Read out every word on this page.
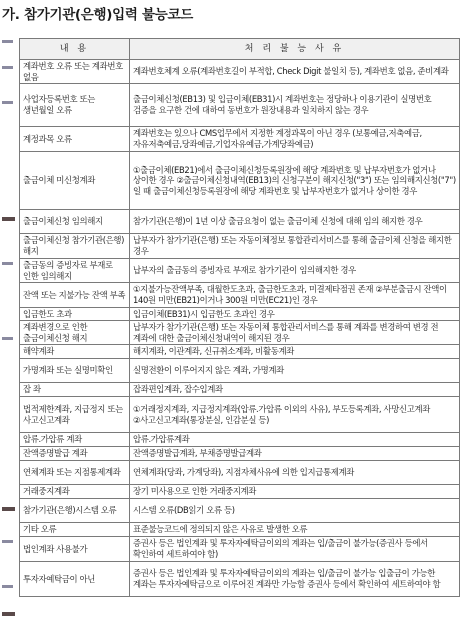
가. 참가기관(은행)입력 불능코드
내 용	처 리 불 능 사 유
계좌번호 오류 또는 계좌번호 없음	계좌번호체계 오류(계좌번호길이 부적합, Check Digit 불일치 등), 계좌번호 없음, 준비계좌
사업자등록번호 또는 생년월일 오류	출금이체신청(EB13) 및 입금이체(EB31)시 계좌번호는 정당하나 이용기관이 실명번호 검증을 요구한 건에 대하여 동번호가 원장내용과 일치하지 않는 경우
계정과목 오류	계좌번호는 있으나 CMS업무에서 지정한 계정과목이 아닌 경우 (보통예금,저축예금,자유저축예금,당좌예금,기업자유예금,가계당좌예금)
출금이체 미신청계좌	①출금이체(EB21)에서 출금이체신청등록원장에 해당 계좌번호 및 납부자번호가 없거나 상이한 경우 ②출금이체신청내역(EB13)의 신청구분이 해지신청("3") 또는 임의해지신청("7")일 때 출금이체신청등록원장에 해당 계좌번호 및 납부자번호가 없거나 상이한 경우
출금이체신청 임의해지	참가기관(은행)이 1년 이상 출금요청이 없는 출금이체 신청에 대해 임의 해지한 경우
출금이체신청 참가기관(은행)해지	납부자가 참가기관(은행) 또는 자동이체정보 통합관리서비스를 통해 출금이체 신청을 해지한 경우
출금동의 증빙자료 부재로 인한 임의해지	납부자의 출금동의 증빙자료 부재로 참가기관이 임의해지한 경우
잔액 또는 지불가능 잔액 부족	①지불가능잔액부족, 대월한도초과, 출금한도초과, 미결제타점권 존재 ②부분출금시 잔액이 140원 미만(EB21)이거나 300원 미만(EC21)인 경우
입금한도 초과	입금이체(EB31)시 입금한도 초과인 경우
계좌변경으로 인한 출금이체신청 해지	납부자가 참가기관(은행) 또는 자동이체 통합관리서비스를 통해 계좌를 변경하여 변경 전 계좌에 대한 출금이체신청내역이 해지된 경우
해약계좌	해지계좌, 이관계좌, 신규취소계좌, 비활동계좌
가명계좌 또는 실명미확인	실명전환이 이루어지지 않은 계좌, 가명계좌
잡 좌	잡좌편입계좌, 잡수입계좌
법적제한계좌, 지급정지 또는 사고신고계좌	①거래정지계좌, 지급정지계좌(압류.가압류 이외의 사유), 부도등록계좌, 사망신고계좌 ②사고신고계좌(통장분실, 인감분실 등)
압류.가압류 계좌	압류.가압류계좌
잔액증명발급 계좌	잔액증명발급계좌, 부채증명발급계좌
연체계좌 또는 지점통제계좌	연체계좌(당좌, 가계당좌), 지점자체사유에 의한 입지급통제계좌
거래중지계좌	장기 미사용으로 인한 거래중지계좌
참가기관(은행)시스템 오류	시스템 오류(DB읽기 오류 등)
기타 오류	표준불능코드에 정의되지 않은 사유로 발생한 오류
법인계좌 사용불가	증권사 등은 법인계좌 및 투자자예탁금이외의 계좌는 입/출금이 불가능(증권사 등에서 확인하여 세트하여야 함)
투자자예탁금이 아닌	증권사 등은 법인계좌 및 투자자예탁금이외의 계좌는 입/출금이 불가능 입출금이 가능한 계좌는 투자자예탁금으로 이루어진 계좌만 가능함 증권사 등에서 확인하여 세트하여야 함
